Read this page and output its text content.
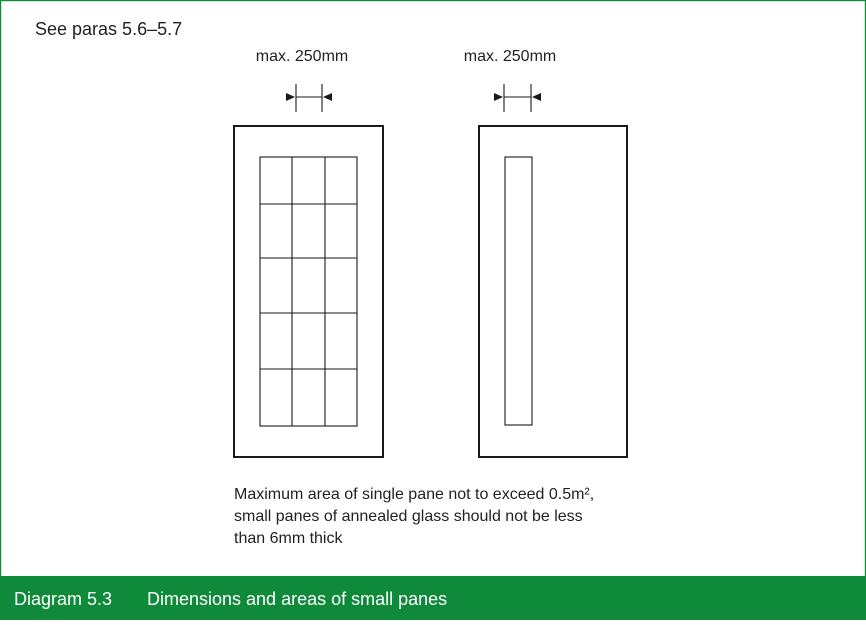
See paras 5.6–5.7
max. 250mm	max. 250mm
Maximum area of single pane not to exceed 0.5m²,
small panes of annealed glass should not be less
than 6mm thick
Diagram 5.3 Dimensions and areas of small panes
